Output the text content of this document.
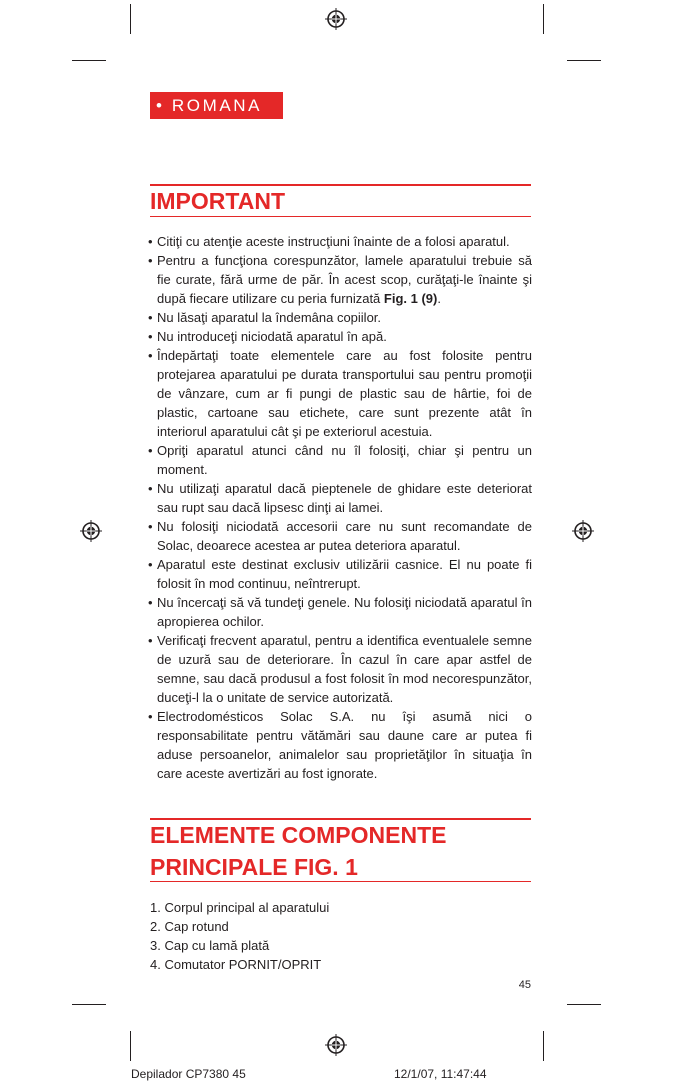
• ROMANA
IMPORTANT
• Citiţi cu atenţie aceste instrucţiuni înainte de a folosi aparatul.
• Pentru a funcţiona corespunzător, lamele aparatului trebuie să fie curate, fără urme de păr. În acest scop, curăţaţi-le înainte şi după fiecare utilizare cu peria furnizată Fig. 1 (9).
• Nu lăsaţi aparatul la îndemâna copiilor.
• Nu introduceţi niciodată aparatul în apă.
• Îndepărtaţi toate elementele care au fost folosite pentru protejarea aparatului pe durata transportului sau pentru promoţii de vânzare, cum ar fi pungi de plastic sau de hârtie, foi de plastic, cartoane sau etichete, care sunt prezente atât în interiorul aparatului cât şi pe exteriorul acestuia.
• Opriţi aparatul atunci când nu îl folosiţi, chiar şi pentru un moment.
• Nu utilizaţi aparatul dacă pieptenele de ghidare este deteriorat sau rupt sau dacă lipsesc dinţi ai lamei.
• Nu folosiţi niciodată accesorii care nu sunt recomandate de Solac, deoarece acestea ar putea deteriora aparatul.
• Aparatul este destinat exclusiv utilizării casnice. El nu poate fi folosit în mod continuu, neîntrerupt.
• Nu încercaţi să vă tundeţi genele. Nu folosiţi niciodată aparatul în apropierea ochilor.
• Verificaţi frecvent aparatul, pentru a identifica eventualele semne de uzură sau de deteriorare. În cazul în care apar astfel de semne, sau dacă produsul a fost folosit în mod necorespunzător, duceţi-l la o unitate de service autorizată.
• Electrodomésticos Solac S.A. nu îşi asumă nici o responsabilitate pentru vătămări sau daune care ar putea fi aduse persoanelor, animalelor sau proprietăţilor în situaţia în care aceste avertizări au fost ignorate.
ELEMENTE COMPONENTE
PRINCIPALE FIG. 1
1. Corpul principal al aparatului
2. Cap rotund
3. Cap cu lamă plată
4. Comutator PORNIT/OPRIT
45
Depilador CP7380 45	12/1/07, 11:47:44
